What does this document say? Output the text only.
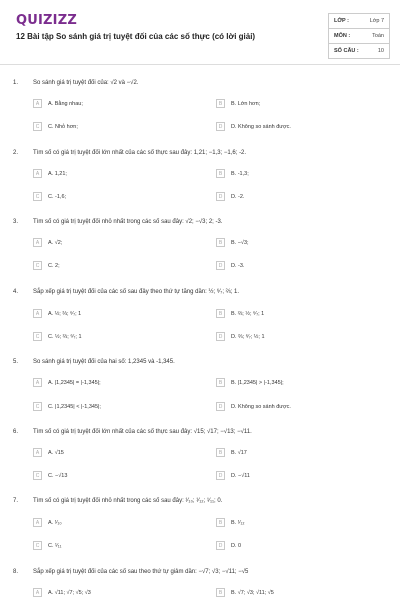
QUIZIZZ
12 Bài tập So sánh giá trị tuyệt đối của các số thực (có lời giải)
LỚP :	Lớp 7
MÔN :	Toán
SỐ CÂU :	10
1. So sánh giá trị tuyệt đối của: √2 và −√2.
A	A. Bằng nhau;	B	B. Lớn hơn;
C	C. Nhỏ hơn;	D	D. Không so sánh được.
2. Tìm số có giá trị tuyệt đối lớn nhất của các số thực sau đây: 1,21; −1,3; −1,6; -2.
A	A. 1,21;	B	B. -1,3;
C	C. -1,6;	D	D. -2.
3. Tìm số có giá trị tuyệt đối nhỏ nhất trong các số sau đây: √2; −√3; 2; -3.
A	A. √2;	B	B. −√3;
C	C. 2;	D	D. -3.
4. Sắp xếp giá trị tuyệt đối của các số sau đây theo thứ tự tăng dần: ½; ⁶⁄₇; ⅔; 1.
A	A. ½; ⅔; ⁶⁄₇; 1	B	B. ⅔; ½; ⁶⁄₇; 1
C	C. ½; ⅔; ⁶⁄₇; 1	D	D. ⅔; ⁶⁄₇; ½; 1
5. So sánh giá trị tuyệt đối của hai số: 1,2345 và -1,345.
A	A. |1,2345| = |-1,345|;	B	B. |1,2345| > |-1,345|;
C	C. |1,2345| < |-1,345|;	D	D. Không so sánh được.
6. Tìm số có giá trị tuyệt đối lớn nhất của các số thực sau đây: √15; √17; −√13; −√11.
A	A. √15	B	B. √17
C	C. −√13	D	D. −√11
7. Tìm số có giá trị tuyệt đối nhỏ nhất trong các số sau đây: ¹⁄₁₀; ¹⁄₁₂; ¹⁄₁₁; 0.
A	A. ¹⁄₁₀	B	B. ¹⁄₁₂
C	C. ¹⁄₁₁	D	D. 0
8. Sắp xếp giá trị tuyệt đối của các số sau theo thứ tự giảm dần: −√7; √3; −√11; −√5
A	A. √11; √7; √5; √3	B	B. √7; √3; √11; √5
